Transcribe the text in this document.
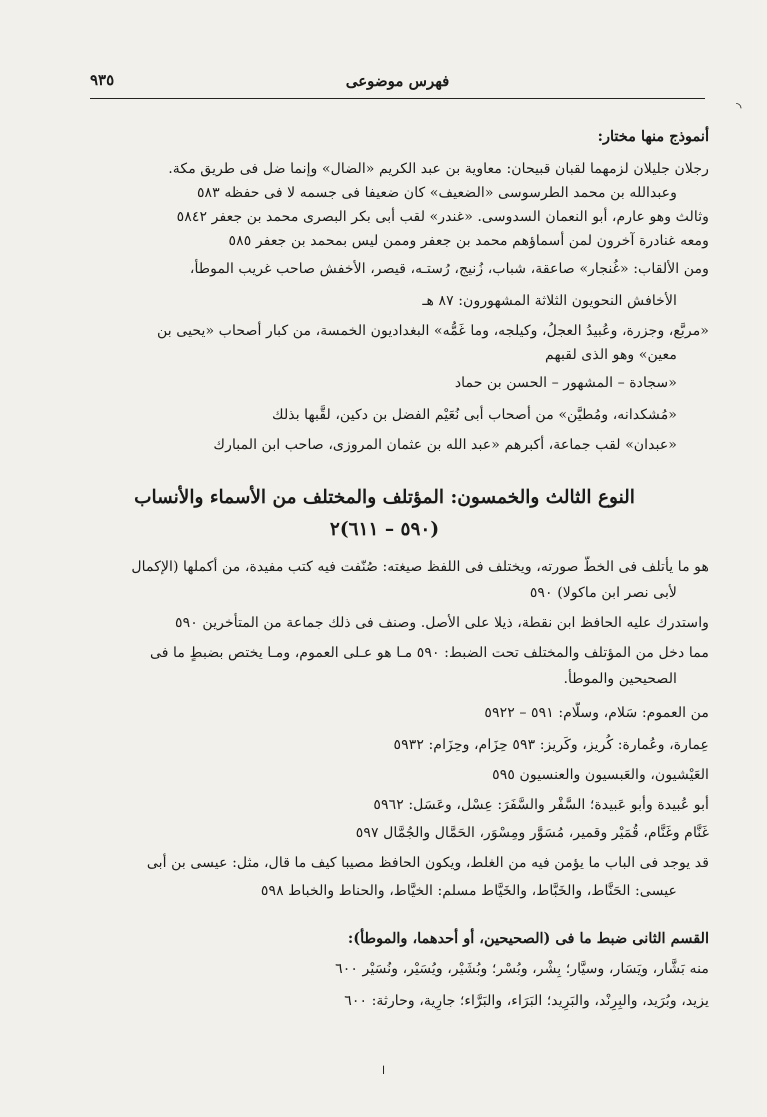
فهرس موضوعى
٩٣٥
◝
أنموذج منها مختار:
رجلان جليلان لزمهما لقبان قبيحان: معاوية بن عبد الكريم «الضال» وإنما ضل فى طريق مكة.
وعبدالله بن محمد الطرسوسى «الضعيف» كان ضعيفا فى جسمه لا فى حفظه ٥٨٣
وثالث وهو عارم، أبو النعمان السدوسى. «غندر» لقب أبى بكر البصرى محمد بن جعفر ٥٨٤٢
ومعه غنادرة آخرون لمن أسماؤهم محمد بن جعفر وممن ليس بمحمد بن جعفر ٥٨٥
ومن الألقاب: «غُنجار» صاعقة، شباب، زُنيج، رُستـه، قيصر، الأخفش صاحب غريب الموطأ،
الأخافش النحويون الثلاثة المشهورون: ٨٧ هـ
«مربَّع، وجزرة، وعُبيدُ العجلُ، وكيلجه، وما غَمُّه» البغداديون الخمسة، من كبار أصحاب «يحيى بن
معين» وهو الذى لقبهم
«سجادة – المشهور – الحسن بن حماد
«مُشكدانه، ومُطيَّن» من أصحاب أبى نُعَيْم الفضل بن دكين، لقَّبها بذلك
«عبدان» لقب جماعة، أكبرهم «عبد الله بن عثمان المروزى، صاحب ابن المبارك
النوع الثالث والخمسون: المؤتلف والمختلف من الأسماء والأنساب
(٥٩٠ – ٦١١)٢
هو ما يأتلف فى الخطّ صورته، ويختلف فى اللفظ صيغته: صُنّفت فيه كتب مفيدة، من أكملها (الإكمال
لأبى نصر ابن ماكولا) ٥٩٠
واستدرك عليه الحافظ ابن نقطة، ذيلا على الأصل. وصنف فى ذلك جماعة من المتأخرين ٥٩٠
مما دخل من المؤتلف والمختلف تحت الضبط: ٥٩٠ مـا هو عـلى العموم، ومـا يختص بضبطٍ ما فى
الصحيحين والموطأ.
من العموم: سَلام، وسلَّام: ٥٩١ – ٥٩٢٢
عِمارة، وعُمارة: كُريز، وكَريز: ٥٩٣ حِزَام، وحِزَام: ٥٩٣٢
العَيْشيون، والعَبسيون والعنسيون ٥٩٥
أبو عُبيدة وأبو عَبيدة؛ السَّفْر والسَّفَرَ: عِسْل، وعَسَل: ٥٩٦٢
غَنَّام وغَنَّام، قُمَيْر وقمير، مُسَوَّر ومِسْوَر، الحَمَّال والجُمَّال ٥٩٧
قد يوجد فى الباب ما يؤمن فيه من الغلط، ويكون الحافظ مصيبا كيف ما قال، مثل: عيسى بن أبى
عيسى: الحَنَّاط، والخَبَّاط، والخَيَّاط مسلم: الخيَّاط، والحناط والخباط ٥٩٨
القسم الثانى ضبط ما فى (الصحيحين، أو أحدهما، والموطأ):
منه بَشَّار، ويَسَار، وسيَّار؛ بِشْر، وبُسْر؛ وبُشَيْر، ويُسَيْر، ونُسَيْر ٦٠٠
يزيد، وبُرَيد، والبِرِنْد، والبَرِيد؛ البَرَاء، والبَرَّاء؛ جارِية، وحارثة: ٦٠٠
ا
